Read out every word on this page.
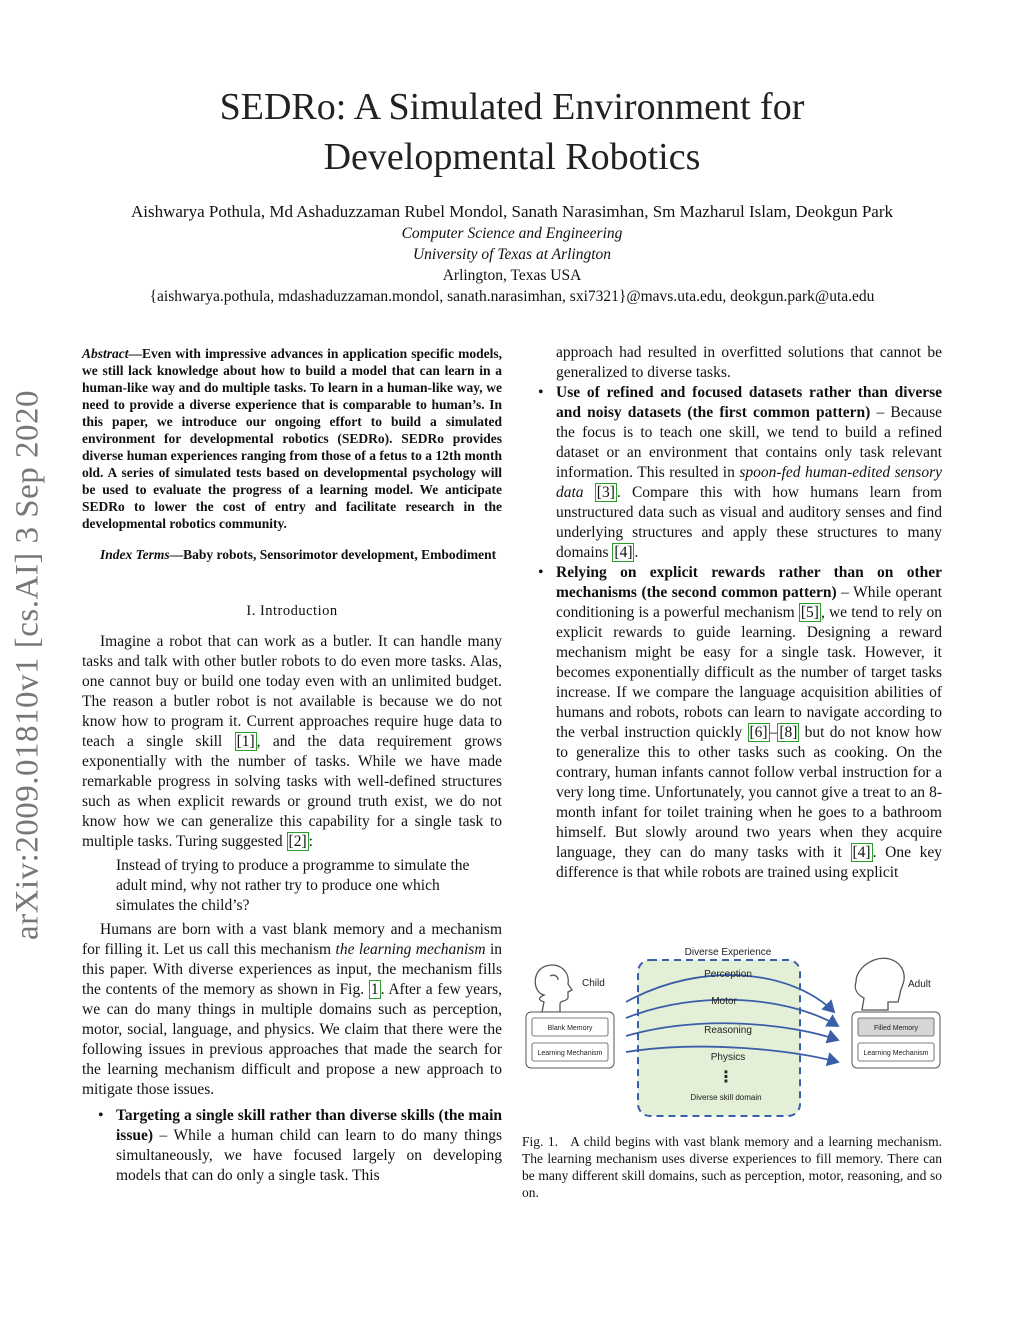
SEDRo: A Simulated Environment for
Developmental Robotics
Aishwarya Pothula, Md Ashaduzzaman Rubel Mondol, Sanath Narasimhan, Sm Mazharul Islam, Deokgun Park
Computer Science and Engineering
University of Texas at Arlington
Arlington, Texas USA
{aishwarya.pothula, mdashaduzzaman.mondol, sanath.narasimhan, sxi7321}@mavs.uta.edu, deokgun.park@uta.edu
arXiv:2009.01810v1 [cs.AI] 3 Sep 2020
Abstract—Even with impressive advances in application specific models, we still lack knowledge about how to build a model that can learn in a human-like way and do multiple tasks. To learn in a human-like way, we need to provide a diverse experience that is comparable to human’s. In this paper, we introduce our ongoing effort to build a simulated environment for developmental robotics (SEDRo). SEDRo provides diverse human experiences ranging from those of a fetus to a 12th month old. A series of simulated tests based on developmental psychology will be used to evaluate the progress of a learning model. We anticipate SEDRo to lower the cost of entry and facilitate research in the developmental robotics community.
Index Terms—Baby robots, Sensorimotor development, Embodiment
I. Introduction

Imagine a robot that can work as a butler. It can handle many tasks and talk with other butler robots to do even more tasks. Alas, one cannot buy or build one today even with an unlimited budget. The reason a butler robot is not available is because we do not know how to program it. Current approaches require huge data to teach a single skill [1] , and the data requirement grows exponentially with the number of tasks. While we have made remarkable progress in solving tasks with well-defined structures such as when explicit rewards or ground truth exist, we do not know how we can generalize this capability for a single task to multiple tasks. Turing suggested [2] :

Instead of trying to produce a programme to simulate the adult mind, why not rather try to produce one which simulates the child’s?

Humans are born with a vast blank memory and a mechanism for filling it. Let us call this mechanism the learning mechanism in this paper. With diverse experiences as input, the mechanism fills the contents of the memory as shown in Fig. 1 . After a few years, we can do many things in multiple domains such as perception, motor, social, language, and physics. We claim that there were the following issues in previous approaches that made the search for the learning mechanism difficult and propose a new approach to mitigate those issues.

• Targeting a single skill rather than diverse skills (the main issue) – While a human child can learn to do many things simultaneously, we have focused largely on developing models that can do only a single task. This

approach had resulted in overfitted solutions that cannot be generalized to diverse tasks.

• Use of refined and focused datasets rather than diverse and noisy datasets (the first common pattern) – Because the focus is to teach one skill, we tend to build a refined dataset or an environment that contains only task relevant information. This resulted in spoon-fed human-edited sensory data [3] . Compare this with how humans learn from unstructured data such as visual and auditory senses and find underlying structures and apply these structures to many domains [4] .
• Relying on explicit rewards rather than on other mechanisms (the second common pattern) – While operant conditioning is a powerful mechanism [5] , we tend to rely on explicit rewards to guide learning. Designing a reward mechanism might be easy for a single task. However, it becomes exponentially difficult as the number of target tasks increase. If we compare the language acquisition abilities of humans and robots, robots can learn to navigate according to the verbal instruction quickly [6] – [8] but do not know how to generalize this to other tasks such as cooking. On the contrary, human infants cannot follow verbal instruction for a very long time. Unfortunately, you cannot give a treat to an 8-month infant for toilet training when he goes to a bathroom himself. But slowly around two years when they acquire language, they can do many tasks with it [4] . One key difference is that while robots are trained using explicit
Diverse Experience
Child
Blank Memory
Learning Mechanism
Adult
Filled Memory
Learning Mechanism
Perception
Motor
Reasoning
Physics
⋮
Diverse skill domain
Fig. 1. A child begins with vast blank memory and a learning mechanism. The learning mechanism uses diverse experiences to fill memory. There can be many different skill domains, such as perception, motor, reasoning, and so on.
